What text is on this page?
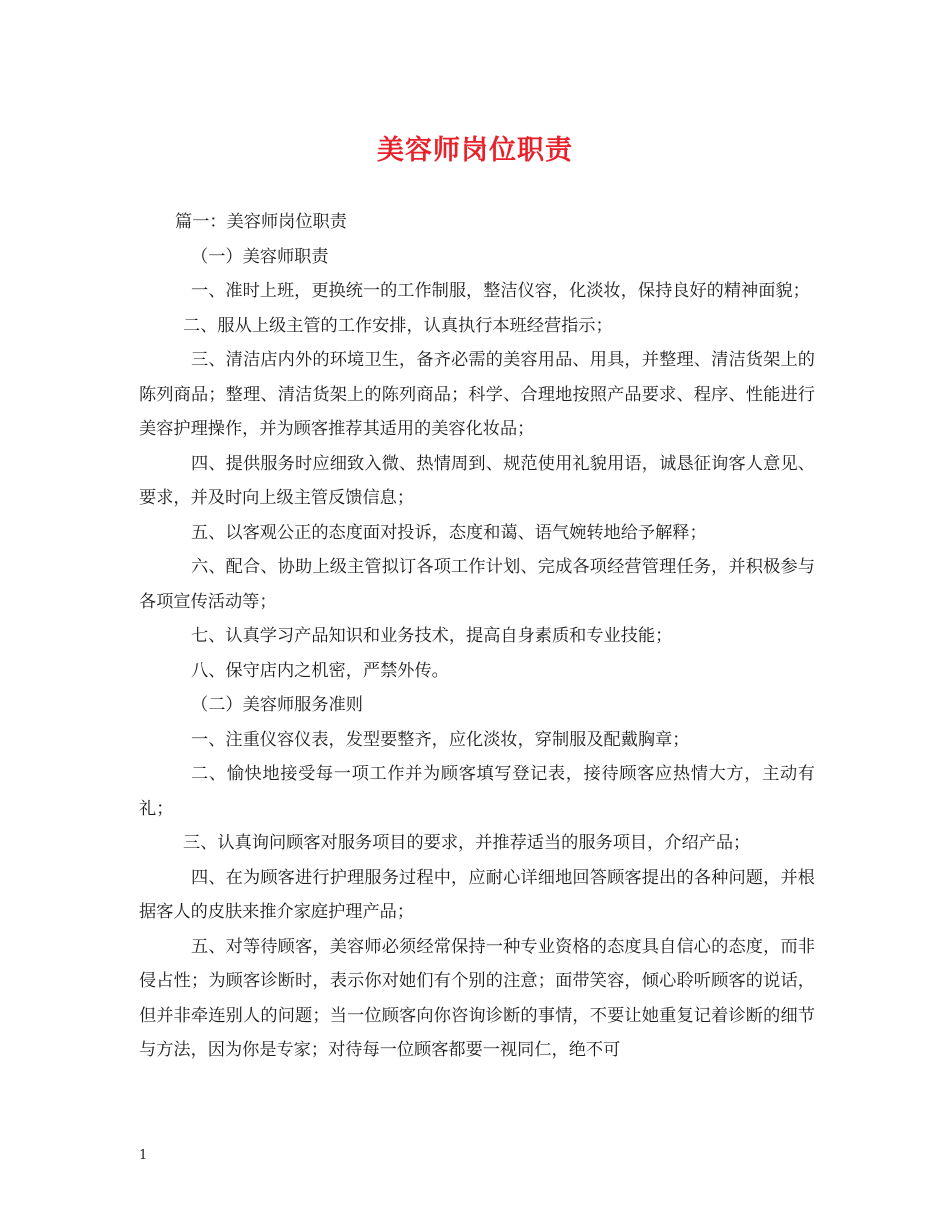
美容师岗位职责

篇一：美容师岗位职责

（一）美容师职责

一、准时上班，更换统一的工作制服，整洁仪容，化淡妆，保持良好的精神面貌；

二、服从上级主管的工作安排，认真执行本班经营指示；

三、清洁店内外的环境卫生，备齐必需的美容用品、用具，并整理、清洁货架上的陈列商品；整理、清洁货架上的陈列商品；科学、合理地按照产品要求、程序、性能进行美容护理操作，并为顾客推荐其适用的美容化妆品；

四、提供服务时应细致入微、热情周到、规范使用礼貌用语，诚恳征询客人意见、要求，并及时向上级主管反馈信息；

五、以客观公正的态度面对投诉，态度和蔼、语气婉转地给予解释；

六、配合、协助上级主管拟订各项工作计划、完成各项经营管理任务，并积极参与各项宣传活动等；

七、认真学习产品知识和业务技术，提高自身素质和专业技能；

八、保守店内之机密，严禁外传。

（二）美容师服务准则

一、注重仪容仪表，发型要整齐，应化淡妆，穿制服及配戴胸章；

二、愉快地接受每一项工作并为顾客填写登记表，接待顾客应热情大方，主动有礼；

三、认真询问顾客对服务项目的要求，并推荐适当的服务项目，介绍产品；

四、在为顾客进行护理服务过程中，应耐心详细地回答顾客提出的各种问题，并根据客人的皮肤来推介家庭护理产品；

五、对等待顾客，美容师必须经常保持一种专业资格的态度具自信心的态度，而非侵占性；为顾客诊断时，表示你对她们有个别的注意；面带笑容，倾心聆听顾客的说话，但并非牵连别人的问题；当一位顾客向你咨询诊断的事情，不要让她重复记着诊断的细节与方法，因为你是专家；对待每一位顾客都要一视同仁，绝不可

1
